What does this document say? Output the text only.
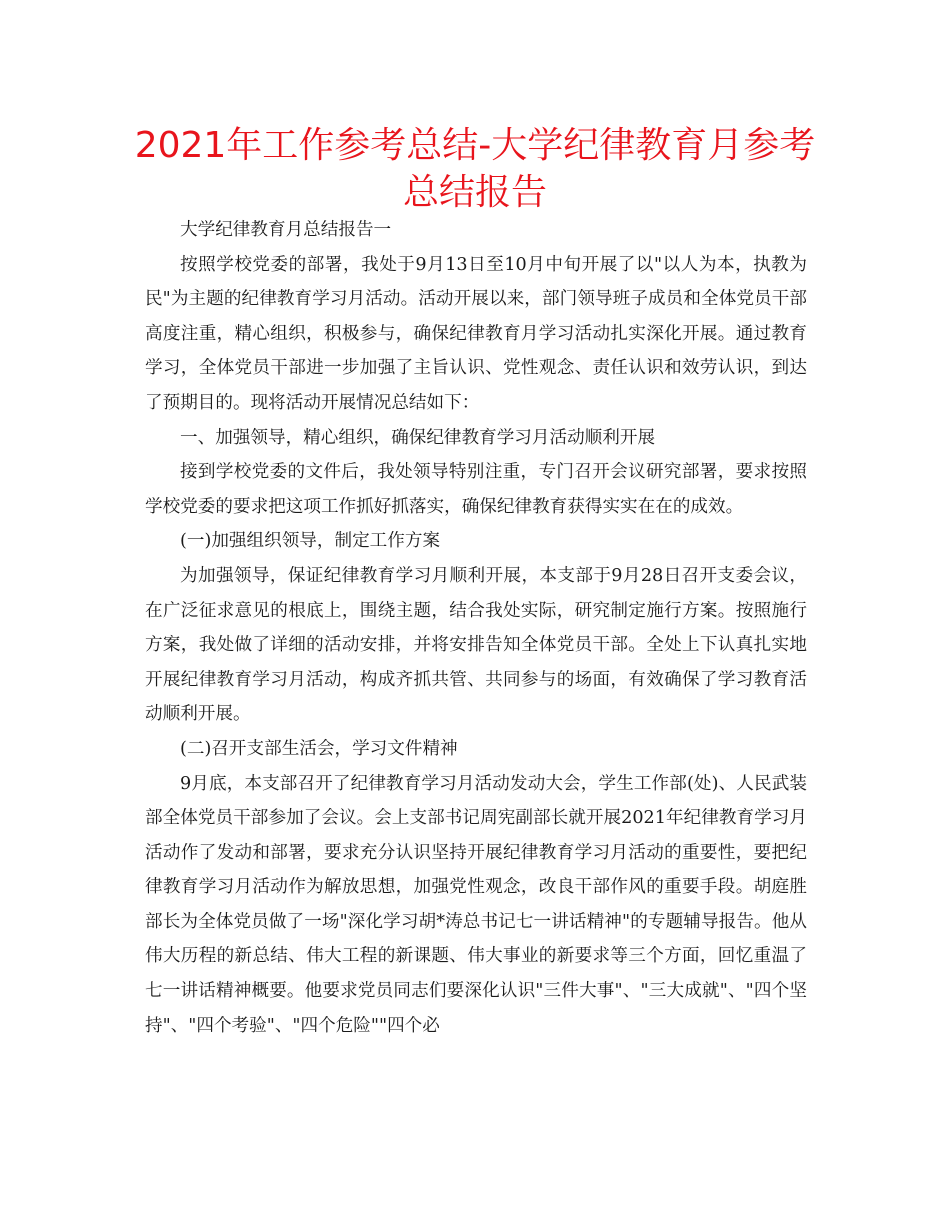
2021年工作参考总结-大学纪律教育月参考总结报告

大学纪律教育月总结报告一

按照学校党委的部署，我处于9月13日至10月中旬开展了以"以人为本，执教为民"为主题的纪律教育学习月活动。活动开展以来，部门领导班子成员和全体党员干部高度注重，精心组织，积极参与，确保纪律教育月学习活动扎实深化开展。通过教育学习，全体党员干部进一步加强了主旨认识、党性观念、责任认识和效劳认识，到达了预期目的。现将活动开展情况总结如下：

一、加强领导，精心组织，确保纪律教育学习月活动顺利开展

接到学校党委的文件后，我处领导特别注重，专门召开会议研究部署，要求按照学校党委的要求把这项工作抓好抓落实，确保纪律教育获得实实在在的成效。

(一)加强组织领导，制定工作方案

为加强领导，保证纪律教育学习月顺利开展，本支部于9月28日召开支委会议，在广泛征求意见的根底上，围绕主题，结合我处实际，研究制定施行方案。按照施行方案，我处做了详细的活动安排，并将安排告知全体党员干部。全处上下认真扎实地开展纪律教育学习月活动，构成齐抓共管、共同参与的场面，有效确保了学习教育活动顺利开展。

(二)召开支部生活会，学习文件精神

9月底，本支部召开了纪律教育学习月活动发动大会，学生工作部(处)、人民武装部全体党员干部参加了会议。会上支部书记周宪副部长就开展2021年纪律教育学习月活动作了发动和部署，要求充分认识坚持开展纪律教育学习月活动的重要性，要把纪律教育学习月活动作为解放思想，加强党性观念，改良干部作风的重要手段。胡庭胜部长为全体党员做了一场"深化学习胡*涛总书记七一讲话精神"的专题辅导报告。他从伟大历程的新总结、伟大工程的新课题、伟大事业的新要求等三个方面，回忆重温了七一讲话精神概要。他要求党员同志们要深化认识"三件大事"、"三大成就"、"四个坚持"、"四个考验"、"四个危险""四个必
